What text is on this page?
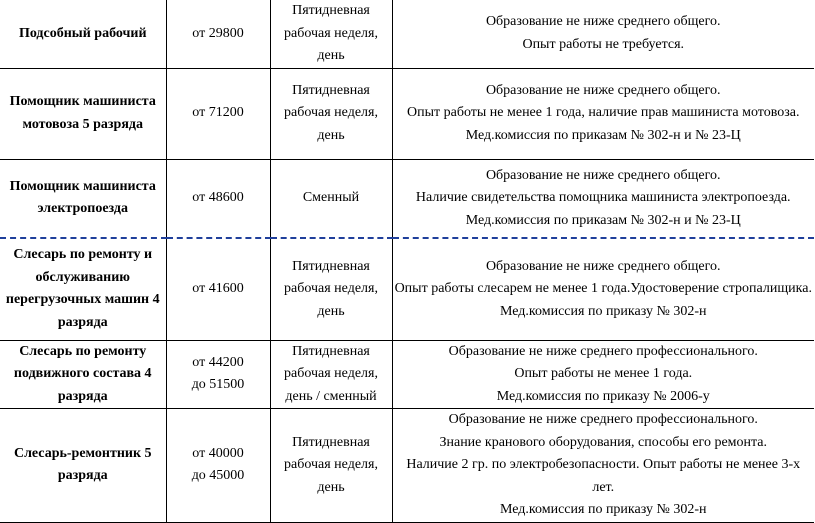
Подсобный рабочий	от 29800	Пятидневная рабочая неделя, день	Образование не ниже среднего общего.
Опыт работы не требуется.

Помощник машиниста мотовоза 5 разряда	от 71200	Пятидневная рабочая неделя, день	Образование не ниже среднего общего.
Опыт работы не менее 1 года, наличие прав машиниста мотовоза.
Мед.комиссия по приказам № 302-н и № 23-Ц

Помощник машиниста электропоезда	от 48600	Сменный	Образование не ниже среднего общего.
Наличие свидетельства помощника машиниста электропоезда.
Мед.комиссия по приказам № 302-н и № 23-Ц

Слесарь по ремонту и обслуживанию перегрузочных машин 4 разряда	от 41600	Пятидневная рабочая неделя, день	Образование не ниже среднего общего.
Опыт работы слесарем не менее 1 года.Удостоверение стропалищика.
Мед.комиссия по приказу № 302-н

Слесарь по ремонту подвижного состава 4 разряда	от 44200
до 51500	Пятидневная рабочая неделя, день / сменный	Образование не ниже среднего профессионального.
Опыт работы не менее 1 года.
Мед.комиссия по приказу № 2006-у

Слесарь-ремонтник 5 разряда	от 40000
до 45000	Пятидневная рабочая неделя, день	Образование не ниже среднего профессионального.
Знание кранового оборудования, способы его ремонта.
Наличие 2 гр. по электробезопасности. Опыт работы не менее 3-х лет.
Мед.комиссия по приказу № 302-н
